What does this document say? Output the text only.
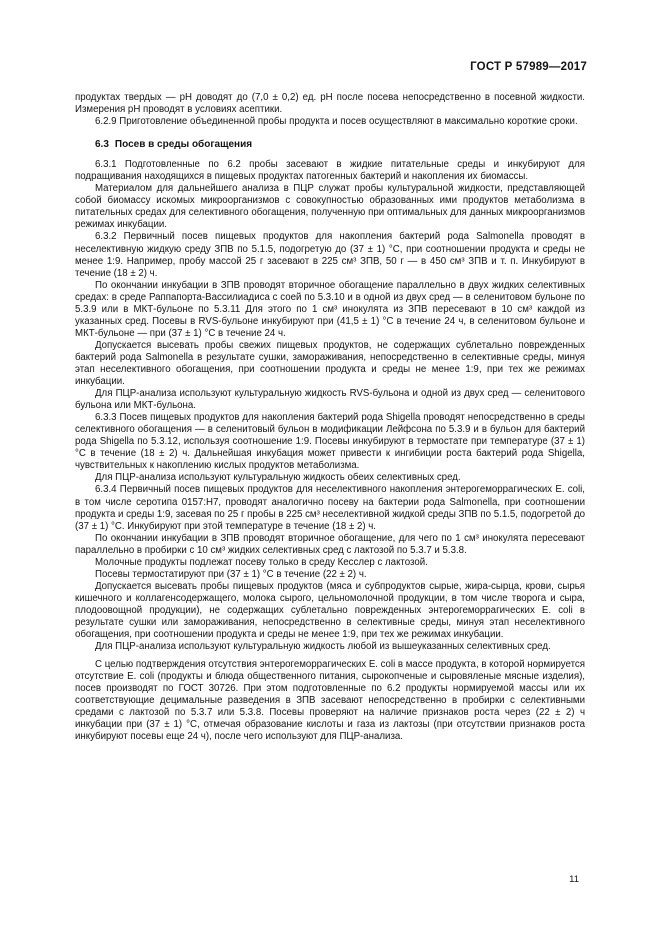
ГОСТ Р 57989—2017

продуктах твердых — pH доводят до (7,0 ± 0,2) ед. pH после посева непосредственно в посевной жидкости. Измерения pH проводят в условиях асептики.

6.2.9 Приготовление объединенной пробы продукта и посев осуществляют в максимально короткие сроки.

6.3 Посев в среды обогащения

6.3.1 Подготовленные по 6.2 пробы засевают в жидкие питательные среды и инкубируют для подращивания находящихся в пищевых продуктах патогенных бактерий и накопления их биомассы.

Материалом для дальнейшего анализа в ПЦР служат пробы культуральной жидкости, представляющей собой биомассу искомых микроорганизмов с совокупностью образованных ими продуктов метаболизма в питательных средах для селективного обогащения, полученную при оптимальных для данных микроорганизмов режимах инкубации.

6.3.2 Первичный посев пищевых продуктов для накопления бактерий рода Salmonella проводят в неселективную жидкую среду ЗПВ по 5.1.5, подогретую до (37 ± 1) °С, при соотношении продукта и среды не менее 1:9. Например, пробу массой 25 г засевают в 225 см³ ЗПВ, 50 г — в 450 см³ ЗПВ и т. п. Инкубируют в течение (18 ± 2) ч.

По окончании инкубации в ЗПВ проводят вторичное обогащение параллельно в двух жидких селективных средах: в среде Раппапорта-Вассилиадиса с соей по 5.3.10 и в одной из двух сред — в селенитовом бульоне по 5.3.9 или в МКТ-бульоне по 5.3.11 Для этого по 1 см³ инокулята из ЗПВ пересевают в 10 см³ каждой из указанных сред. Посевы в RVS-бульоне инкубируют при (41,5 ± 1) °С в течение 24 ч, в селенитовом бульоне и МКТ-бульоне — при (37 ± 1) °С в течение 24 ч.

Допускается высевать пробы свежих пищевых продуктов, не содержащих сублетально поврежденных бактерий рода Salmonella в результате сушки, замораживания, непосредственно в селективные среды, минуя этап неселективного обогащения, при соотношении продукта и среды не менее 1:9, при тех же режимах инкубации.

Для ПЦР-анализа используют культуральную жидкость RVS-бульона и одной из двух сред — селенитового бульона или МКТ-бульона.

6.3.3 Посев пищевых продуктов для накопления бактерий рода Shigella проводят непосредственно в среды селективного обогащения — в селенитовый бульон в модификации Лейфсона по 5.3.9 и в бульон для бактерий рода Shigella по 5.3.12, используя соотношение 1:9. Посевы инкубируют в термостате при температуре (37 ± 1) °С в течение (18 ± 2) ч. Дальнейшая инкубация может привести к ингибиции роста бактерий рода Shigella, чувствительных к накоплению кислых продуктов метаболизма.

Для ПЦР-анализа используют культуральную жидкость обеих селективных сред.

6.3.4 Первичный посев пищевых продуктов для неселективного накопления энтерогеморрагических E. coli, в том числе серотипа 0157:Н7, проводят аналогично посеву на бактерии рода Salmonella, при соотношении продукта и среды 1:9, засевая по 25 г пробы в 225 см³ неселективной жидкой среды ЗПВ по 5.1.5, подогретой до (37 ± 1) °С. Инкубируют при этой температуре в течение (18 ± 2) ч.

По окончании инкубации в ЗПВ проводят вторичное обогащение, для чего по 1 см³ инокулята пересевают параллельно в пробирки с 10 см³ жидких селективных сред с лактозой по 5.3.7 и 5.3.8.

Молочные продукты подлежат посеву только в среду Кесслер с лактозой.

Посевы термостатируют при (37 ± 1) °С в течение (22 ± 2) ч.

Допускается высевать пробы пищевых продуктов (мяса и субпродуктов сырые, жира-сырца, крови, сырья кишечного и коллагенсодержащего, молока сырого, цельномолочной продукции, в том числе творога и сыра, плодоовощной продукции), не содержащих сублетально поврежденных энтерогеморрагических E. coli в результате сушки или замораживания, непосредственно в селективные среды, минуя этап неселективного обогащения, при соотношении продукта и среды не менее 1:9, при тех же режимах инкубации.

Для ПЦР-анализа используют культуральную жидкость любой из вышеуказанных селективных сред.

С целью подтверждения отсутствия энтерогеморрагических E. coli в массе продукта, в которой нормируется отсутствие E. coli (продукты и блюда общественного питания, сырокопченые и сыровяленые мясные изделия), посев производят по ГОСТ 30726. При этом подготовленные по 6.2 продукты нормируемой массы или их соответствующие децимальные разведения в ЗПВ засевают непосредственно в пробирки с селективными средами с лактозой по 5.3.7 или 5.3.8. Посевы проверяют на наличие признаков роста через (22 ± 2) ч инкубации при (37 ± 1) °С, отмечая образование кислоты и газа из лактозы (при отсутствии признаков роста инкубируют посевы еще 24 ч), после чего используют для ПЦР-анализа.

11
